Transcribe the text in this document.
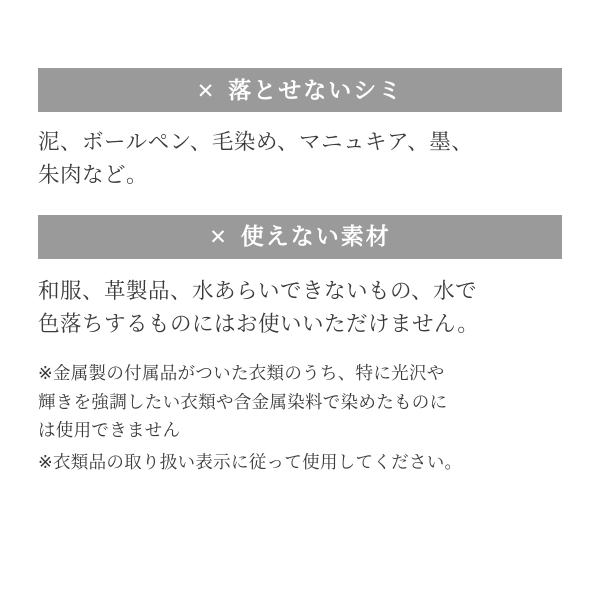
✕ 落とせないシミ
泥、ボールペン、毛染め、マニュキア、墨、
朱肉など。
✕ 使えない素材
和服、革製品、水あらいできないもの、水で
色落ちするものにはお使いいただけません。
※金属製の付属品がついた衣類のうち、特に光沢や
輝きを強調したい衣類や含金属染料で染めたものに
は使用できません
※衣類品の取り扱い表示に従って使用してください。
